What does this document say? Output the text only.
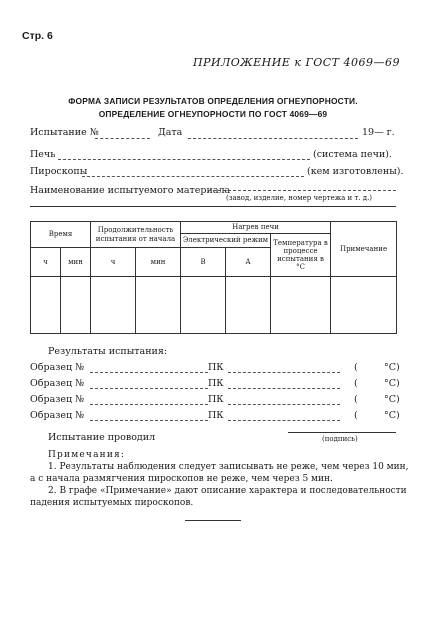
Стр. 6
ПРИЛОЖЕНИЕ к ГОСТ 4069—69
ФОРМА ЗАПИСИ РЕЗУЛЬТАТОВ ОПРЕДЕЛЕНИЯ ОГНЕУПОРНОСТИ.
ОПРЕДЕЛЕНИЕ ОГНЕУПОРНОСТИ ПО ГОСТ 4069—69
Испытание №	Дата	19— г.
Печь	(система печи).
Пироскопы	(кем изготовлены).
Наименование испытуемого материала
(завод, изделие, номер чертежа и т. д.)
Время		Продолжительность испытания от начала		Нагрев печи			Примечание
				Электрический режим		Температура в процессе испытания в °С	
ч	мин	ч	мин	В	А		

Результаты испытания:
Образец №	ПК	(	°С)
Образец №	ПК	(	°С)
Образец №	ПК	(	°С)
Образец №	ПК	(	°С)
Испытание проводил	(подпись)
Примечания:
1. Результаты наблюдения следует записывать не реже, чем через 10 мин,
а с начала размягчения пироскопов не реже, чем через 5 мин.
2. В графе «Примечание» дают описание характера и последовательности
падения испытуемых пироскопов.
